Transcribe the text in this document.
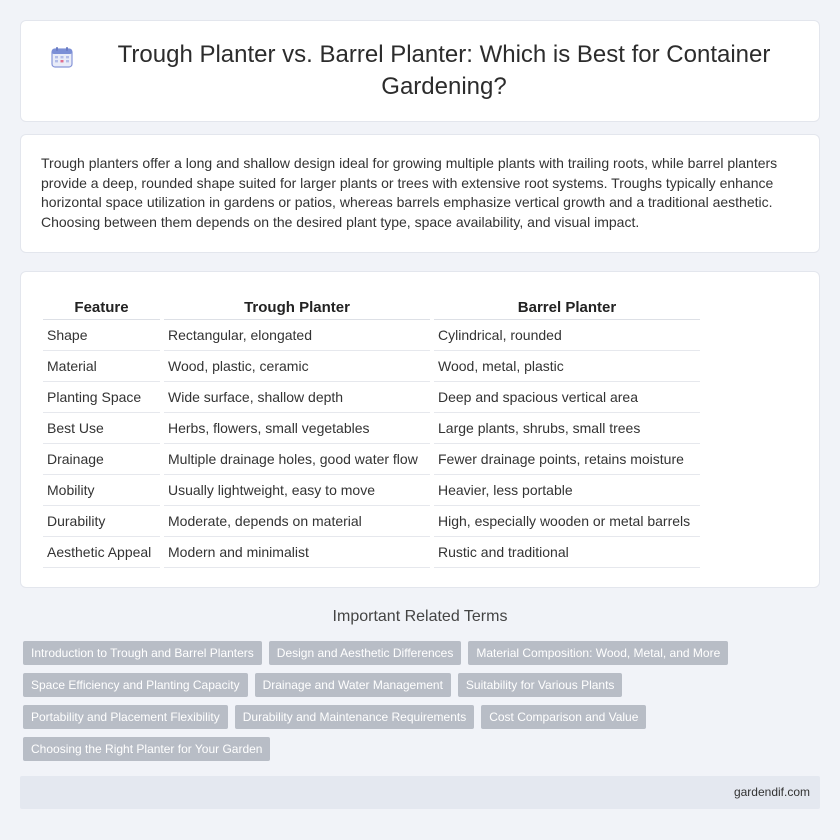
Trough Planter vs. Barrel Planter: Which is Best for Container Gardening?

Trough planters offer a long and shallow design ideal for growing multiple plants with trailing roots, while barrel planters provide a deep, rounded shape suited for larger plants or trees with extensive root systems. Troughs typically enhance horizontal space utilization in gardens or patios, whereas barrels emphasize vertical growth and a traditional aesthetic. Choosing between them depends on the desired plant type, space availability, and visual impact.

Feature	Trough Planter	Barrel Planter
Shape	Rectangular, elongated	Cylindrical, rounded
Material	Wood, plastic, ceramic	Wood, metal, plastic
Planting Space	Wide surface, shallow depth	Deep and spacious vertical area
Best Use	Herbs, flowers, small vegetables	Large plants, shrubs, small trees
Drainage	Multiple drainage holes, good water flow	Fewer drainage points, retains moisture
Mobility	Usually lightweight, easy to move	Heavier, less portable
Durability	Moderate, depends on material	High, especially wooden or metal barrels
Aesthetic Appeal	Modern and minimalist	Rustic and traditional
Important Related Terms
Introduction to Trough and Barrel Planters	Design and Aesthetic Differences	Material Composition: Wood, Metal, and More
Space Efficiency and Planting Capacity	Drainage and Water Management	Suitability for Various Plants
Portability and Placement Flexibility	Durability and Maintenance Requirements	Cost Comparison and Value
Choosing the Right Planter for Your Garden
gardendif.com
